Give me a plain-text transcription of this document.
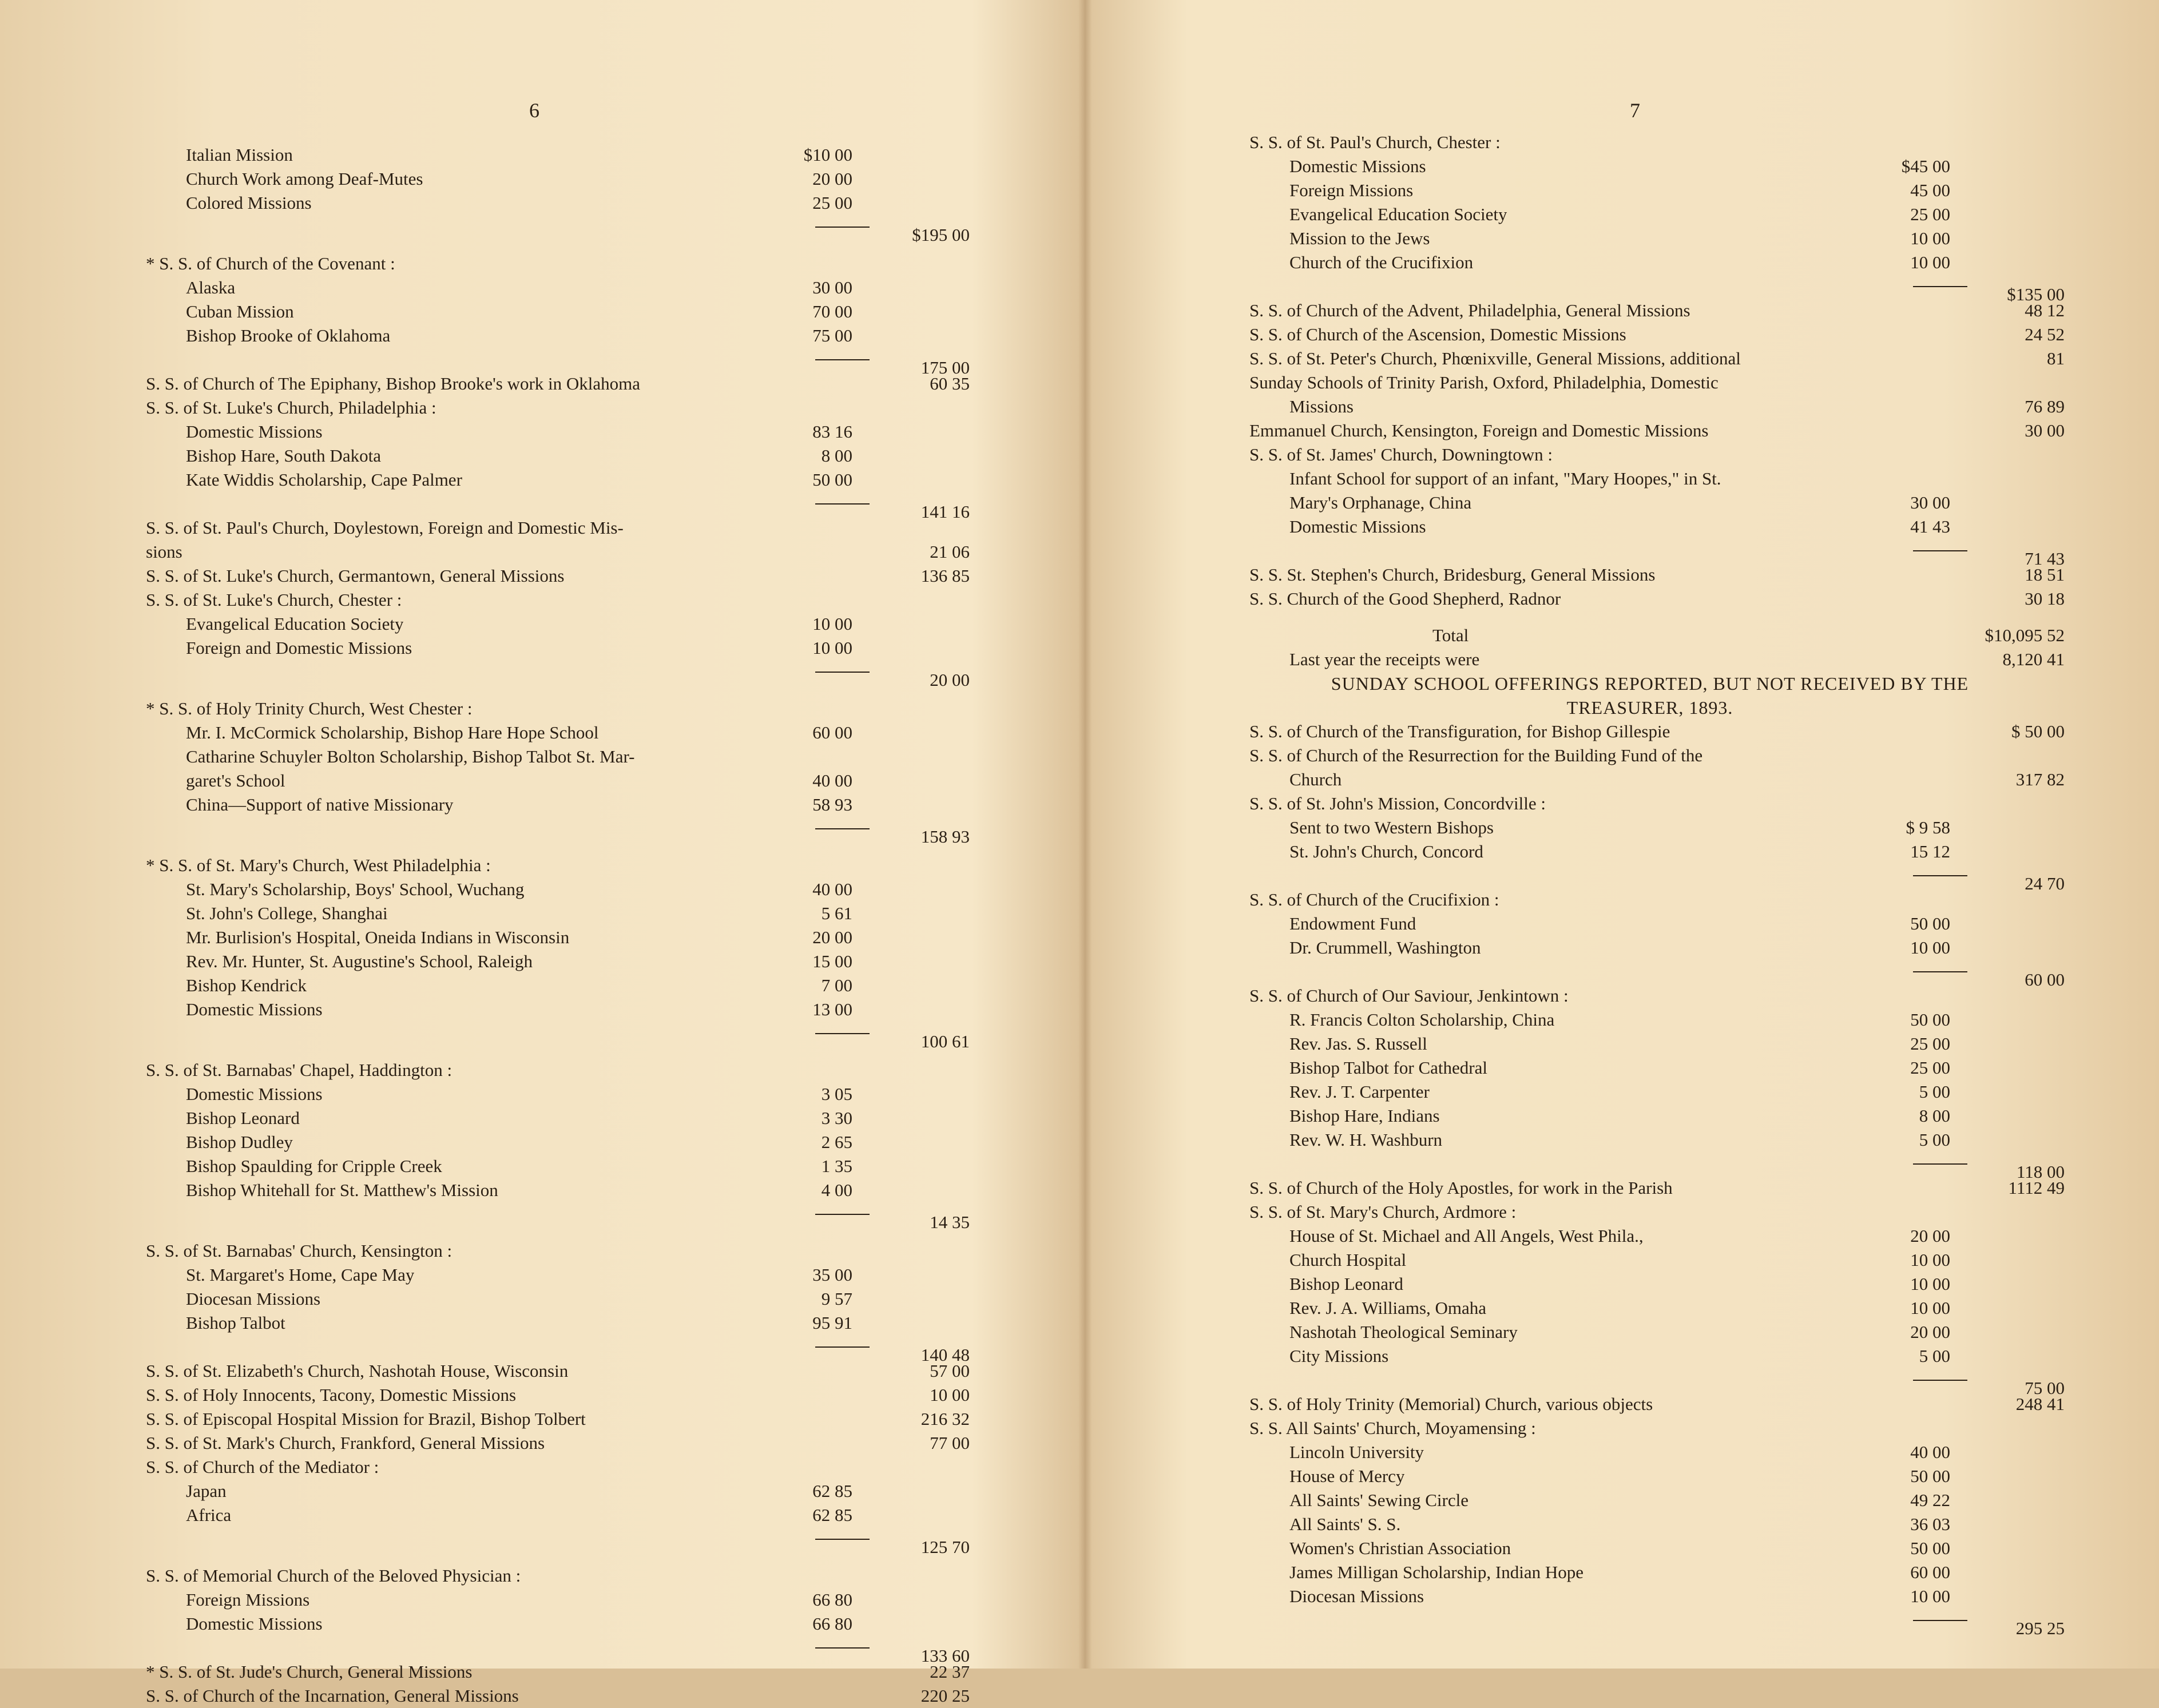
6
Italian Mission	$10 00
Church Work among Deaf-Mutes	20 00
Colored Missions	25 00
$195 00
* S. S. of Church of the Covenant :
Alaska	30 00
Cuban Mission	70 00
Bishop Brooke of Oklahoma	75 00
175 00
S. S. of Church of The Epiphany, Bishop Brooke's work in Oklahoma	60 35
S. S. of St. Luke's Church, Philadelphia :
Domestic Missions	83 16
Bishop Hare, South Dakota	8 00
Kate Widdis Scholarship, Cape Palmer	50 00
141 16
S. S. of St. Paul's Church, Doylestown, Foreign and Domestic Mis-
sions	21 06
S. S. of St. Luke's Church, Germantown, General Missions	136 85
S. S. of St. Luke's Church, Chester :
Evangelical Education Society	10 00
Foreign and Domestic Missions	10 00
20 00
* S. S. of Holy Trinity Church, West Chester :
Mr. I. McCormick Scholarship, Bishop Hare Hope School	60 00
Catharine Schuyler Bolton Scholarship, Bishop Talbot St. Mar-
garet's School	40 00
China—Support of native Missionary	58 93
158 93
* S. S. of St. Mary's Church, West Philadelphia :
St. Mary's Scholarship, Boys' School, Wuchang	40 00
St. John's College, Shanghai	5 61
Mr. Burlision's Hospital, Oneida Indians in Wisconsin	20 00
Rev. Mr. Hunter, St. Augustine's School, Raleigh	15 00
Bishop Kendrick	7 00
Domestic Missions	13 00
100 61
S. S. of St. Barnabas' Chapel, Haddington :
Domestic Missions	3 05
Bishop Leonard	3 30
Bishop Dudley	2 65
Bishop Spaulding for Cripple Creek	1 35
Bishop Whitehall for St. Matthew's Mission	4 00
14 35
S. S. of St. Barnabas' Church, Kensington :
St. Margaret's Home, Cape May	35 00
Diocesan Missions	9 57
Bishop Talbot	95 91
140 48
S. S. of St. Elizabeth's Church, Nashotah House, Wisconsin	57 00
S. S. of Holy Innocents, Tacony, Domestic Missions	10 00
S. S. of Episcopal Hospital Mission for Brazil, Bishop Tolbert	216 32
S. S. of St. Mark's Church, Frankford, General Missions	77 00
S. S. of Church of the Mediator :
Japan	62 85
Africa	62 85
125 70
S. S. of Memorial Church of the Beloved Physician :
Foreign Missions	66 80
Domestic Missions	66 80
133 60
* S. S. of St. Jude's Church, General Missions	22 37
S. S. of Church of the Incarnation, General Missions	220 25
7
S. S. of St. Paul's Church, Chester :
Domestic Missions	$45 00
Foreign Missions	45 00
Evangelical Education Society	25 00
Mission to the Jews	10 00
Church of the Crucifixion	10 00
$135 00
S. S. of Church of the Advent, Philadelphia, General Missions	48 12
S. S. of Church of the Ascension, Domestic Missions	24 52
S. S. of St. Peter's Church, Phœnixville, General Missions, additional	81
Sunday Schools of Trinity Parish, Oxford, Philadelphia, Domestic
Missions	76 89
Emmanuel Church, Kensington, Foreign and Domestic Missions	30 00
S. S. of St. James' Church, Downingtown :
Infant School for support of an infant, "Mary Hoopes," in St.
Mary's Orphanage, China	30 00
Domestic Missions	41 43
71 43
S. S. St. Stephen's Church, Bridesburg, General Missions	18 51
S. S. Church of the Good Shepherd, Radnor	30 18
Total	$10,095 52
Last year the receipts were	8,120 41
SUNDAY SCHOOL OFFERINGS REPORTED, BUT NOT RECEIVED BY THE
TREASURER, 1893.
S. S. of Church of the Transfiguration, for Bishop Gillespie	$ 50 00
S. S. of Church of the Resurrection for the Building Fund of the
Church	317 82
S. S. of St. John's Mission, Concordville :
Sent to two Western Bishops	$ 9 58
St. John's Church, Concord	15 12
24 70
S. S. of Church of the Crucifixion :
Endowment Fund	50 00
Dr. Crummell, Washington	10 00
60 00
S. S. of Church of Our Saviour, Jenkintown :
R. Francis Colton Scholarship, China	50 00
Rev. Jas. S. Russell	25 00
Bishop Talbot for Cathedral	25 00
Rev. J. T. Carpenter	5 00
Bishop Hare, Indians	8 00
Rev. W. H. Washburn	5 00
118 00
S. S. of Church of the Holy Apostles, for work in the Parish	1112 49
S. S. of St. Mary's Church, Ardmore :
House of St. Michael and All Angels, West Phila.,	20 00
Church Hospital	10 00
Bishop Leonard	10 00
Rev. J. A. Williams, Omaha	10 00
Nashotah Theological Seminary	20 00
City Missions	5 00
75 00
S. S. of Holy Trinity (Memorial) Church, various objects	248 41
S. S. All Saints' Church, Moyamensing :
Lincoln University	40 00
House of Mercy	50 00
All Saints' Sewing Circle	49 22
All Saints' S. S.	36 03
Women's Christian Association	50 00
James Milligan Scholarship, Indian Hope	60 00
Diocesan Missions	10 00
295 25
